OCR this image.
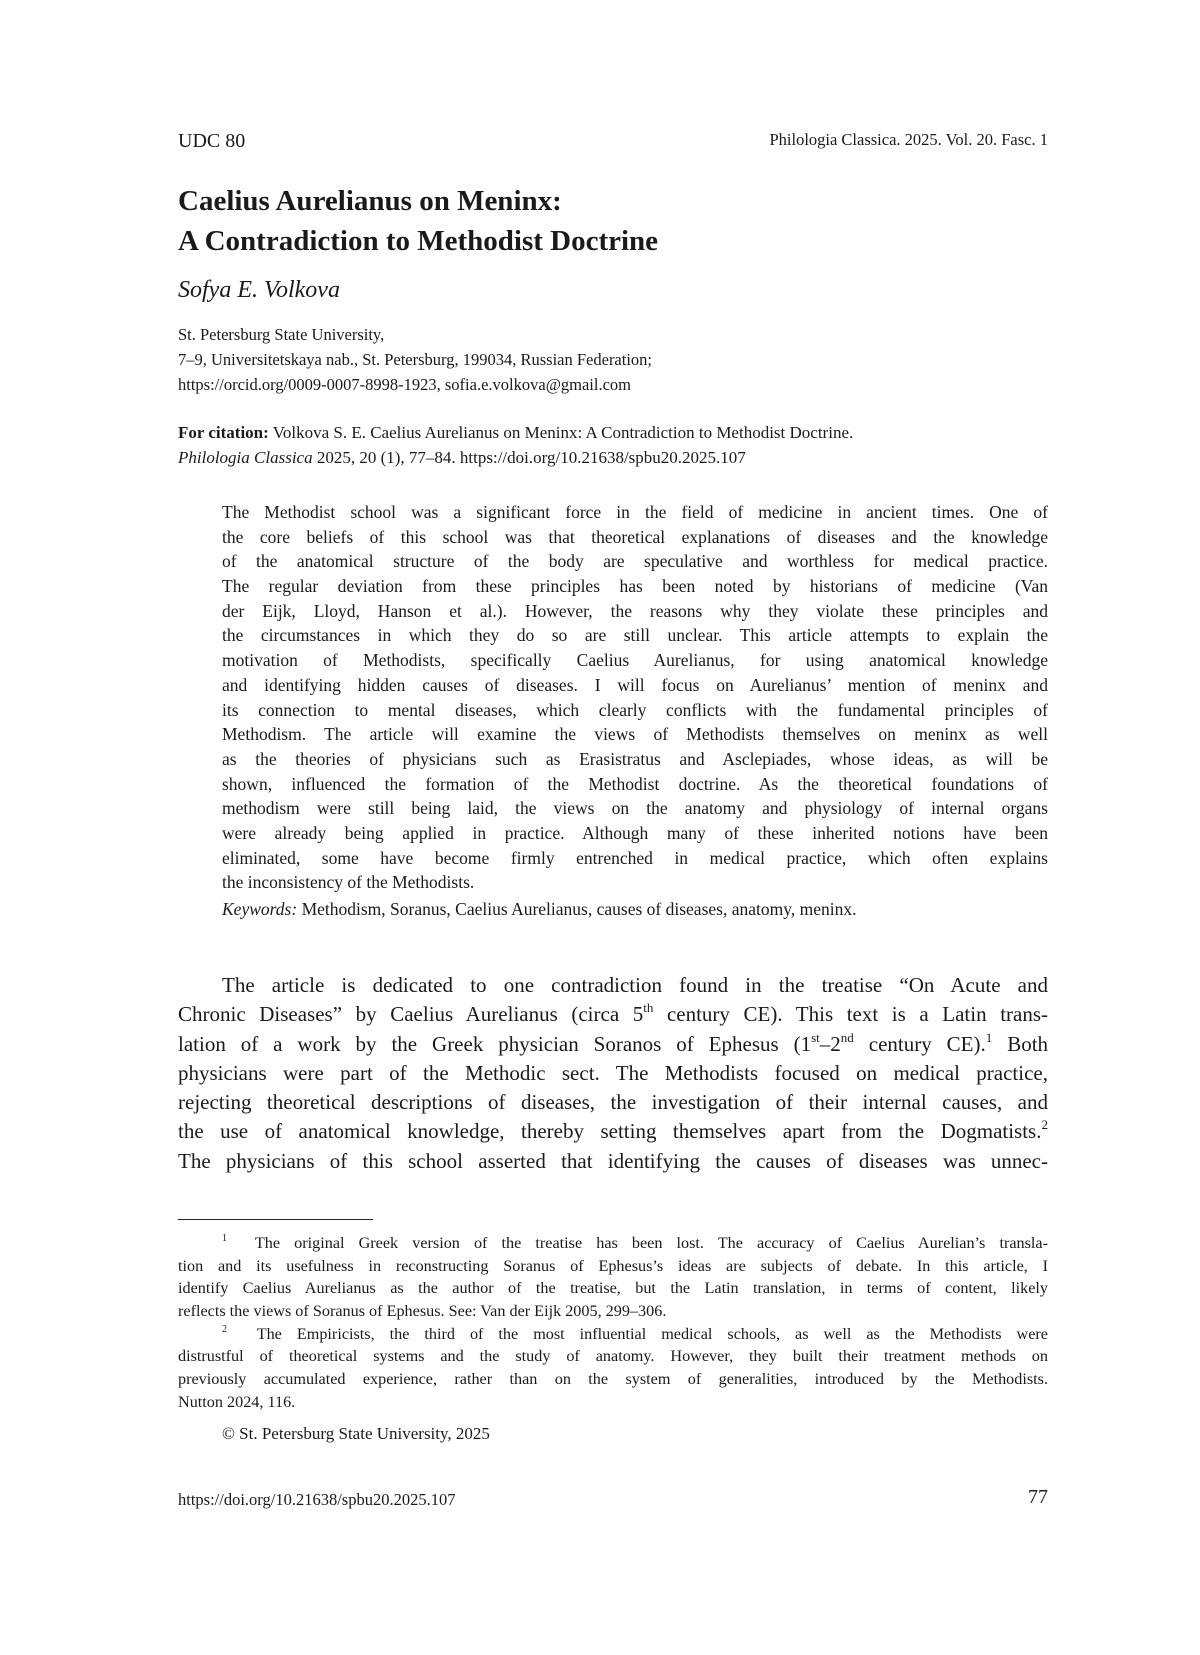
UDC 80	Philologia Classica. 2025. Vol. 20. Fasc. 1
Caelius Aurelianus on Meninx:
A Contradiction to Methodist Doctrine
Sofya E. Volkova
St. Petersburg State University,
7–9, Universitetskaya nab., St. Petersburg, 199034, Russian Federation;
https://orcid.org/0009-0007-8998-1923, sofia.e.volkova@gmail.com
For citation: Volkova S. E. Caelius Aurelianus on Meninx: A Contradiction to Methodist Doctrine.
Philologia Classica 2025, 20 (1), 77–84. https://doi.org/10.21638/spbu20.2025.107
The Methodist school was a significant force in the field of medicine in ancient times. One of
the core beliefs of this school was that theoretical explanations of diseases and the knowledge
of the anatomical structure of the body are speculative and worthless for medical practice.
The regular deviation from these principles has been noted by historians of medicine (Van
der Eijk, Lloyd, Hanson et al.). However, the reasons why they violate these principles and
the circumstances in which they do so are still unclear. This article attempts to explain the
motivation of Methodists, specifically Caelius Aurelianus, for using anatomical knowledge
and identifying hidden causes of diseases. I will focus on Aurelianus’ mention of meninx and
its connection to mental diseases, which clearly conflicts with the fundamental principles of
Methodism. The article will examine the views of Methodists themselves on meninx as well
as the theories of physicians such as Erasistratus and Asclepiades, whose ideas, as will be
shown, influenced the formation of the Methodist doctrine. As the theoretical foundations of
methodism were still being laid, the views on the anatomy and physiology of internal organs
were already being applied in practice. Although many of these inherited notions have been
eliminated, some have become firmly entrenched in medical practice, which often explains
the inconsistency of the Methodists.
Keywords: Methodism, Soranus, Caelius Aurelianus, causes of diseases, anatomy, meninx.
The article is dedicated to one contradiction found in the treatise “On Acute and
Chronic Diseases” by Caelius Aurelianus (circa 5th century CE). This text is a Latin trans-
lation of a work by the Greek physician Soranos of Ephesus (1st–2nd century CE).$^1$ Both
physicians were part of the Methodic sect. The Methodists focused on medical practice,
rejecting theoretical descriptions of diseases, the investigation of their internal causes, and
the use of anatomical knowledge, thereby setting themselves apart from the Dogmatists.$^2$
The physicians of this school asserted that identifying the causes of diseases was unnec-
$^1$ The original Greek version of the treatise has been lost. The accuracy of Caelius Aurelian’s transla-
tion and its usefulness in reconstructing Soranus of Ephesus’s ideas are subjects of debate. In this article, I
identify Caelius Aurelianus as the author of the treatise, but the Latin translation, in terms of content, likely
reflects the views of Soranus of Ephesus. See: Van der Eijk 2005, 299–306.
$^2$ The Empiricists, the third of the most influential medical schools, as well as the Methodists were
distrustful of theoretical systems and the study of anatomy. However, they built their treatment methods on
previously accumulated experience, rather than on the system of generalities, introduced by the Methodists.
Nutton 2024, 116.
© St. Petersburg State University, 2025
https://doi.org/10.21638/spbu20.2025.107	77
